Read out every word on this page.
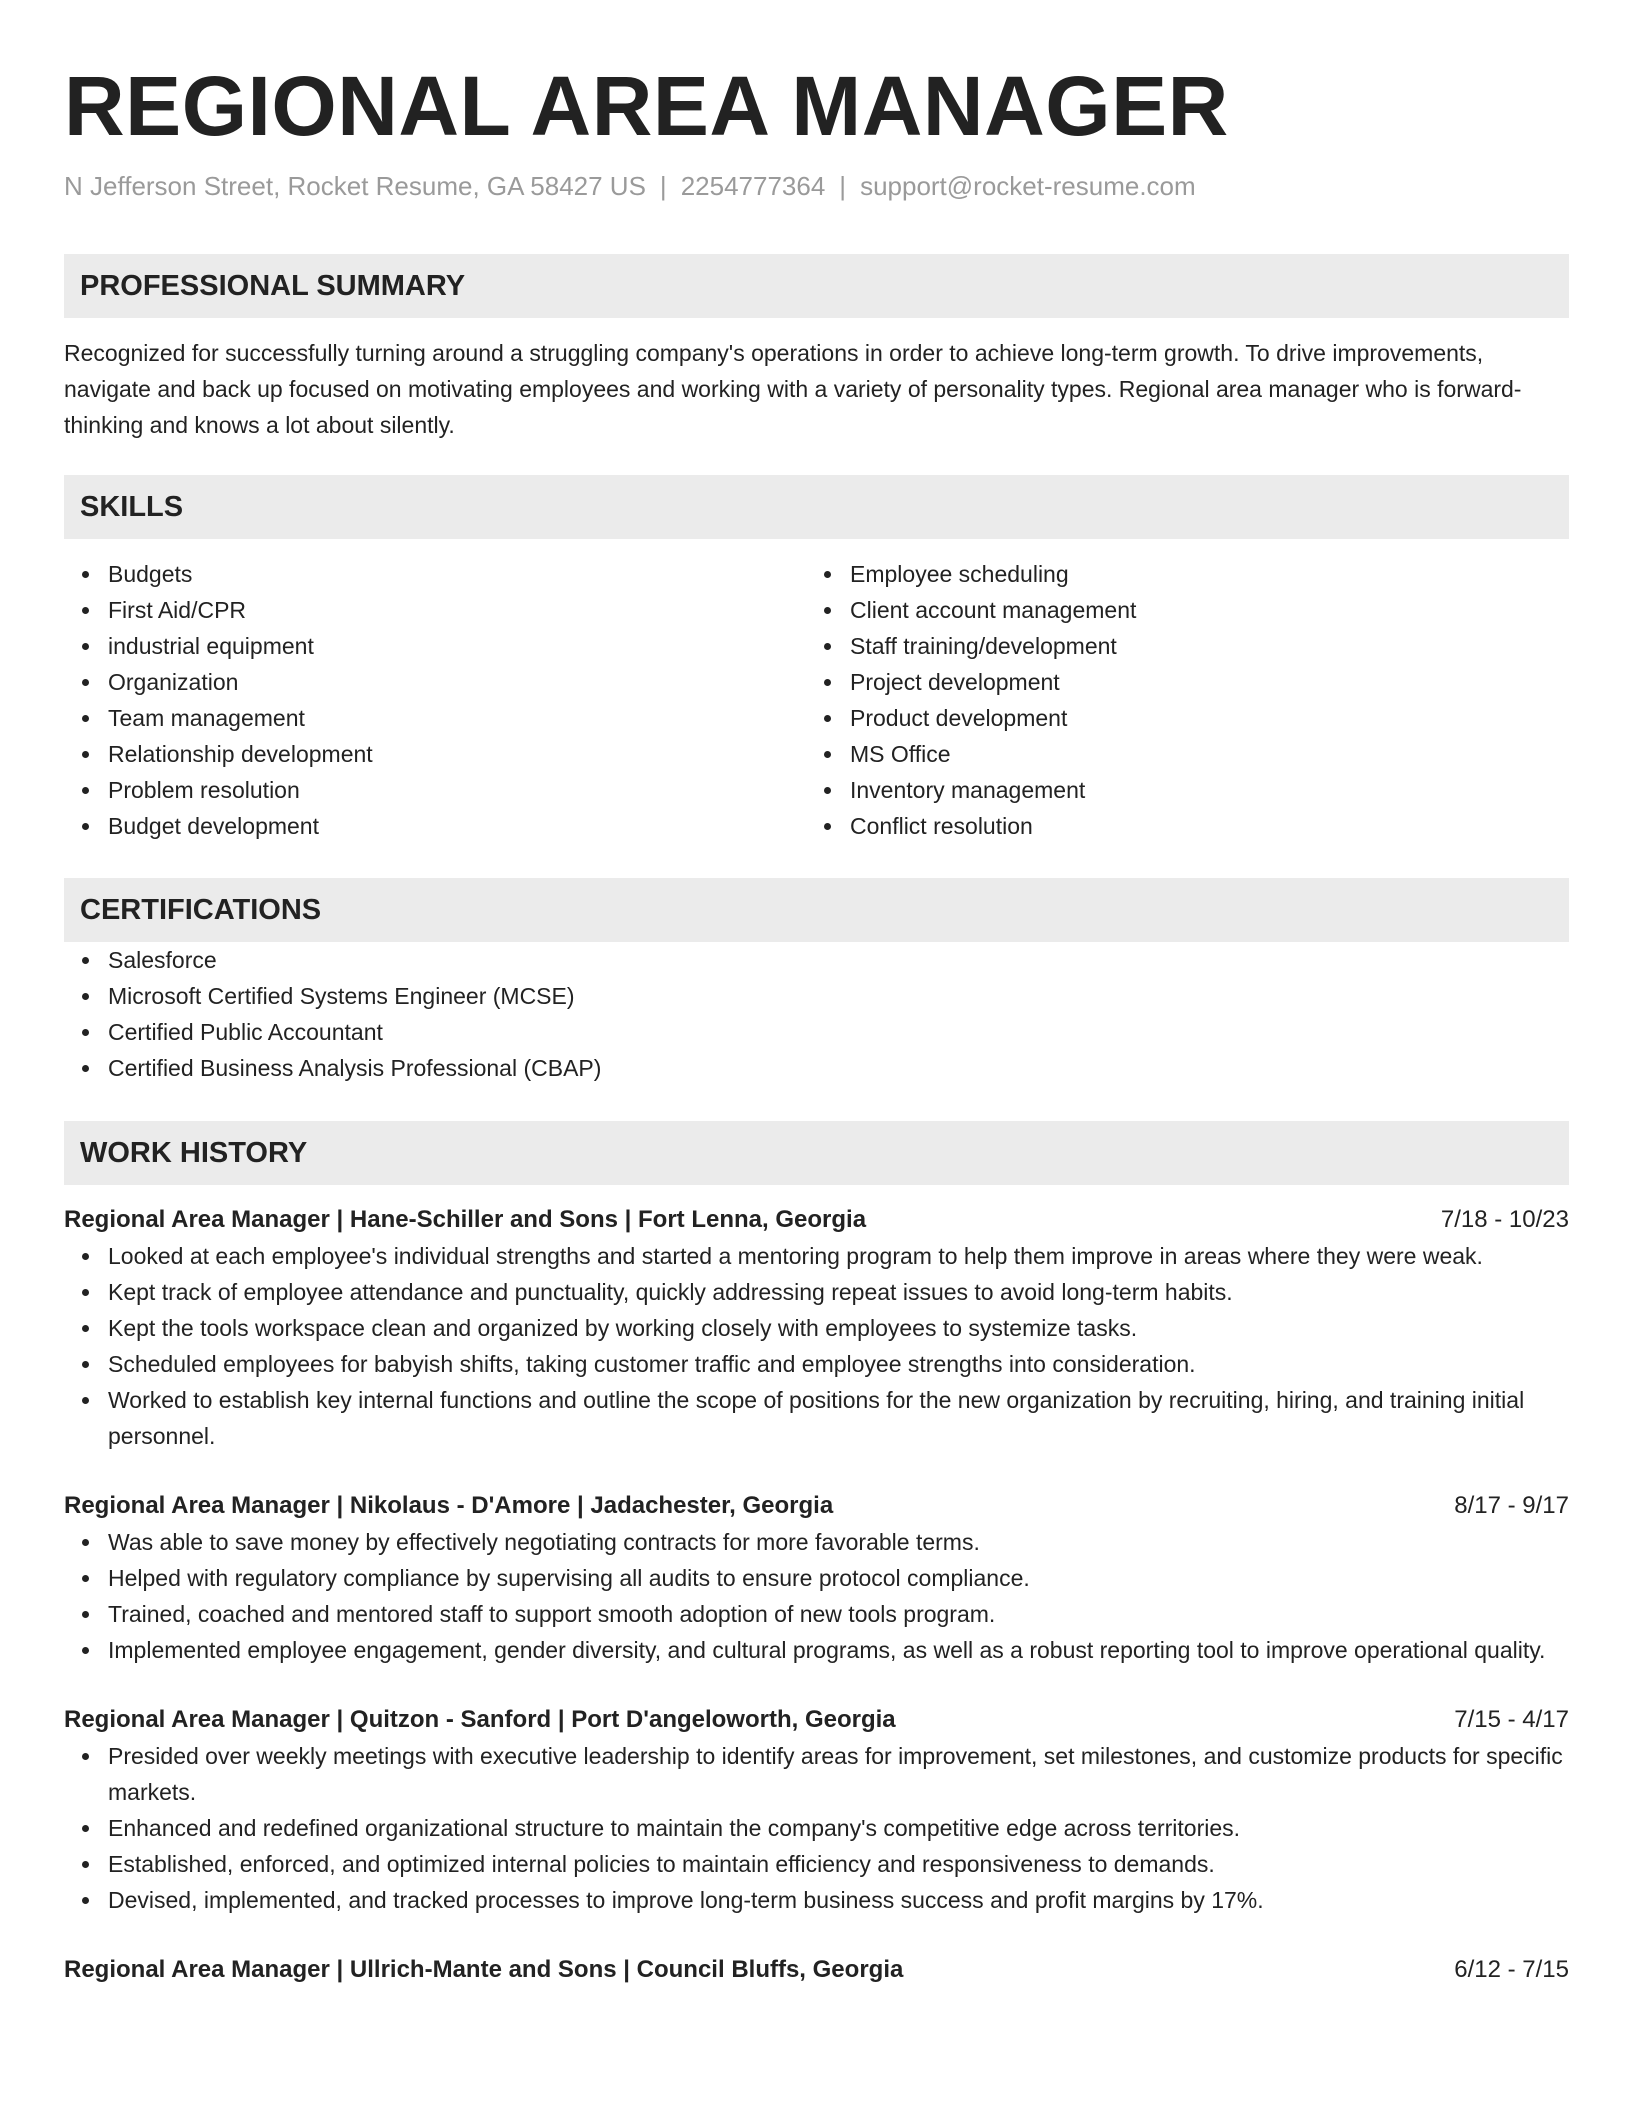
REGIONAL AREA MANAGER
N Jefferson Street, Rocket Resume, GA 58427 US | 2254777364 | support@rocket-resume.com
PROFESSIONAL SUMMARY
Recognized for successfully turning around a struggling company's operations in order to achieve long-term growth. To drive improvements, navigate and back up focused on motivating employees and working with a variety of personality types. Regional area manager who is forward-thinking and knows a lot about silently.
SKILLS
Budgets
First Aid/CPR
industrial equipment
Organization
Team management
Relationship development
Problem resolution
Budget development
Employee scheduling
Client account management
Staff training/development
Project development
Product development
MS Office
Inventory management
Conflict resolution
CERTIFICATIONS
Salesforce
Microsoft Certified Systems Engineer (MCSE)
Certified Public Accountant
Certified Business Analysis Professional (CBAP)
WORK HISTORY
Regional Area Manager | Hane-Schiller and Sons | Fort Lenna, Georgia	7/18 - 10/23
Looked at each employee's individual strengths and started a mentoring program to help them improve in areas where they were weak.
Kept track of employee attendance and punctuality, quickly addressing repeat issues to avoid long-term habits.
Kept the tools workspace clean and organized by working closely with employees to systemize tasks.
Scheduled employees for babyish shifts, taking customer traffic and employee strengths into consideration.
Worked to establish key internal functions and outline the scope of positions for the new organization by recruiting, hiring, and training initial personnel.
Regional Area Manager | Nikolaus - D'Amore | Jadachester, Georgia	8/17 - 9/17
Was able to save money by effectively negotiating contracts for more favorable terms.
Helped with regulatory compliance by supervising all audits to ensure protocol compliance.
Trained, coached and mentored staff to support smooth adoption of new tools program.
Implemented employee engagement, gender diversity, and cultural programs, as well as a robust reporting tool to improve operational quality.
Regional Area Manager | Quitzon - Sanford | Port D'angeloworth, Georgia	7/15 - 4/17
Presided over weekly meetings with executive leadership to identify areas for improvement, set milestones, and customize products for specific markets.
Enhanced and redefined organizational structure to maintain the company's competitive edge across territories.
Established, enforced, and optimized internal policies to maintain efficiency and responsiveness to demands.
Devised, implemented, and tracked processes to improve long-term business success and profit margins by 17%.
Regional Area Manager | Ullrich-Mante and Sons | Council Bluffs, Georgia	6/12 - 7/15
